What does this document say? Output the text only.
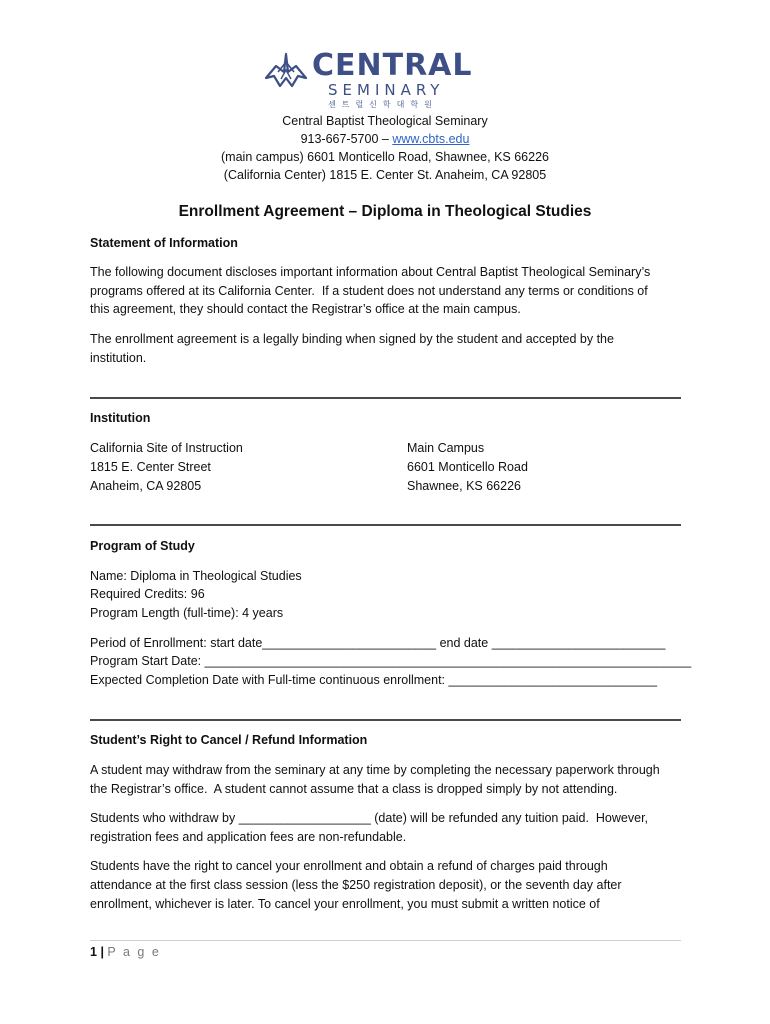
CENTRAL
SEMINARY
센트럴신학대학원
Central Baptist Theological Seminary
913-667-5700 – www.cbts.edu
(main campus) 6601 Monticello Road, Shawnee, KS 66226
(California Center) 1815 E. Center St. Anaheim, CA 92805
Enrollment Agreement – Diploma in Theological Studies
Statement of Information
The following document discloses important information about Central Baptist Theological Seminary’s
programs offered at its California Center.  If a student does not understand any terms or conditions of
this agreement, they should contact the Registrar’s office at the main campus.
The enrollment agreement is a legally binding when signed by the student and accepted by the
institution.
Institution
California Site of Instruction
1815 E. Center Street
Anaheim, CA 92805
Main Campus
6601 Monticello Road
Shawnee, KS 66226
Program of Study
Name: Diploma in Theological Studies
Required Credits: 96
Program Length (full-time): 4 years
Period of Enrollment: start date_________________________ end date _________________________
Program Start Date: ______________________________________________________________________
Expected Completion Date with Full-time continuous enrollment: ______________________________
Student’s Right to Cancel / Refund Information
A student may withdraw from the seminary at any time by completing the necessary paperwork through
the Registrar’s office.  A student cannot assume that a class is dropped simply by not attending.
Students who withdraw by ___________________ (date) will be refunded any tuition paid.  However,
registration fees and application fees are non-refundable.
Students have the right to cancel your enrollment and obtain a refund of charges paid through
attendance at the first class session (less the $250 registration deposit), or the seventh day after
enrollment, whichever is later. To cancel your enrollment, you must submit a written notice of
1 | P a g e
